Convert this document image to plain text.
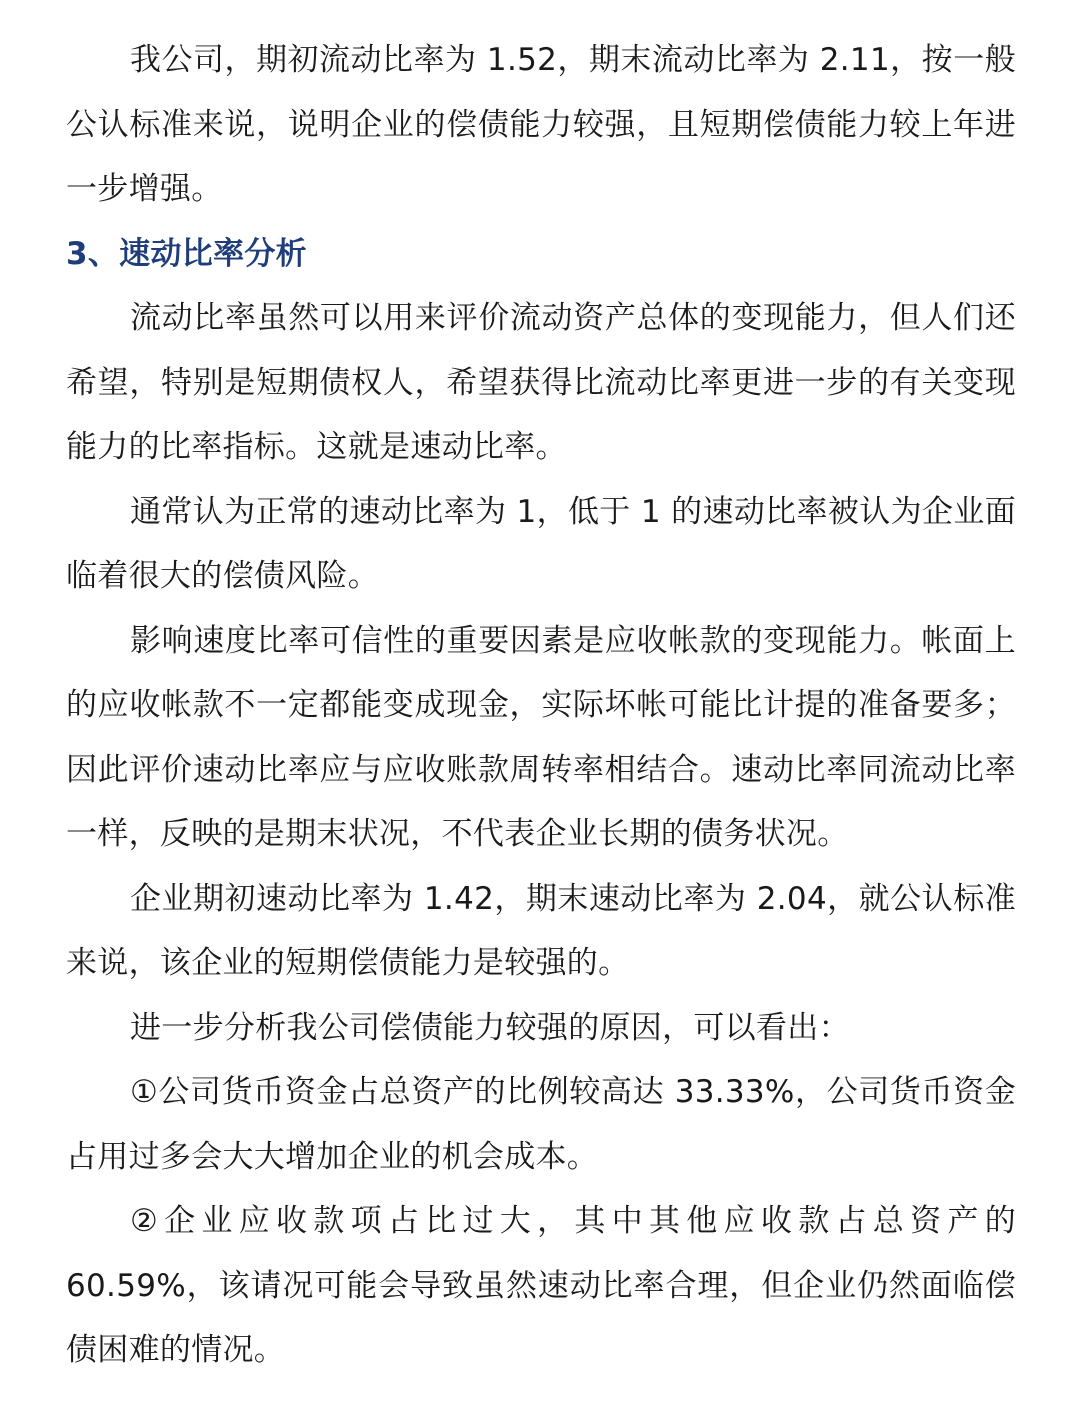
我公司，期初流动比率为 1.52，期末流动比率为 2.11，按一般公认标准来说，说明企业的偿债能力较强，且短期偿债能力较上年进一步增强。

3、速动比率分析

流动比率虽然可以用来评价流动资产总体的变现能力，但人们还希望，特别是短期债权人，希望获得比流动比率更进一步的有关变现能力的比率指标。这就是速动比率。

通常认为正常的速动比率为 1，低于 1 的速动比率被认为企业面临着很大的偿债风险。

影响速度比率可信性的重要因素是应收帐款的变现能力。帐面上的应收帐款不一定都能变成现金，实际坏帐可能比计提的准备要多；因此评价速动比率应与应收账款周转率相结合。速动比率同流动比率一样，反映的是期末状况，不代表企业长期的债务状况。

企业期初速动比率为 1.42，期末速动比率为 2.04，就公认标准来说，该企业的短期偿债能力是较强的。

进一步分析我公司偿债能力较强的原因，可以看出：

①公司货币资金占总资产的比例较高达 33.33%，公司货币资金占用过多会大大增加企业的机会成本。

②企业应收款项占比过大，其中其他应收款占总资产的 60.59%，该请况可能会导致虽然速动比率合理，但企业仍然面临偿债困难的情况。
